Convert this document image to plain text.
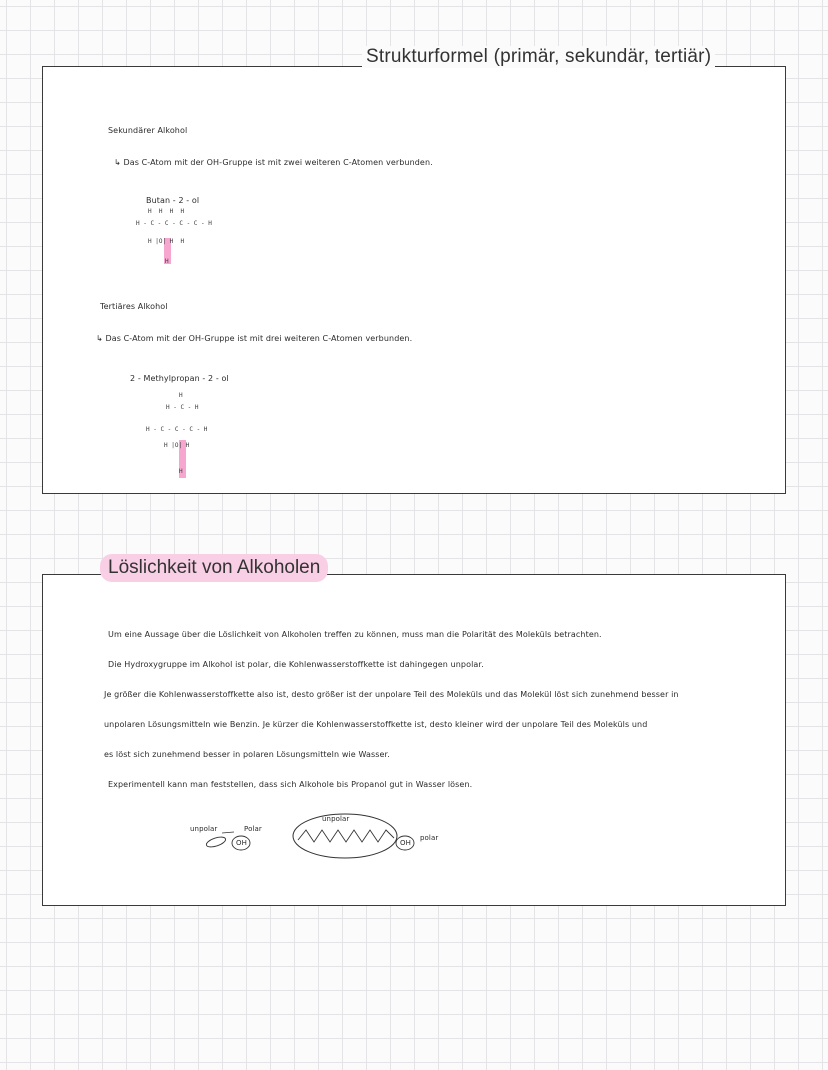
Strukturformel (primär, sekundär, tertiär)
Sekundärer Alkohol
↳ Das C-Atom mit der OH-Gruppe ist mit zwei weiteren C-Atomen verbunden.
Butan - 2 - ol
H  H  H  H
H - C - C - C - C - H
H |O| H  H
H
Tertiäres Alkohol
↳ Das C-Atom mit der OH-Gruppe ist mit drei weiteren C-Atomen verbunden.
2 - Methylpropan - 2 - ol
H
H - C - H
H - C - C - C - H
H |O| H
H
Löslichkeit von Alkoholen
Um eine Aussage über die Löslichkeit von Alkoholen treffen zu können, muss man die Polarität des Moleküls betrachten.
Die Hydroxygruppe im Alkohol ist polar, die Kohlenwasserstoffkette ist dahingegen unpolar.
Je größer die Kohlenwasserstoffkette also ist, desto größer ist der unpolare Teil des Moleküls und das Molekül löst sich zunehmend besser in
unpolaren Lösungsmitteln wie Benzin. Je kürzer die Kohlenwasserstoffkette ist, desto kleiner wird der unpolare Teil des Moleküls und
es löst sich zunehmend besser in polaren Lösungsmitteln wie Wasser.
Experimentell kann man feststellen, dass sich Alkohole bis Propanol gut in Wasser lösen.
unpolar	Polar
OH
unpolar
OH
polar
